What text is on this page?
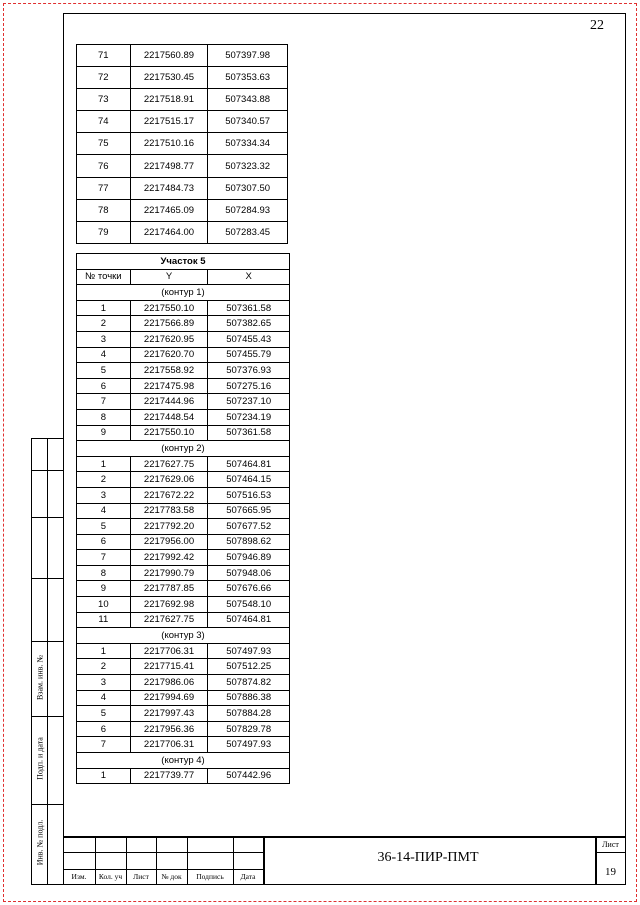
22
Взам. инв. №
Подп. и дата
Инв. № подл.
71	2217560.89	507397.98
72	2217530.45	507353.63
73	2217518.91	507343.88
74	2217515.17	507340.57
75	2217510.16	507334.34
76	2217498.77	507323.32
77	2217484.73	507307.50
78	2217465.09	507284.93
79	2217464.00	507283.45
Участок 5		
№ точки	Y	X
(контур 1)		
1	2217550.10	507361.58
2	2217566.89	507382.65
3	2217620.95	507455.43
4	2217620.70	507455.79
5	2217558.92	507376.93
6	2217475.98	507275.16
7	2217444.96	507237.10
8	2217448.54	507234.19
9	2217550.10	507361.58
(контур 2)		
1	2217627.75	507464.81
2	2217629.06	507464.15
3	2217672.22	507516.53
4	2217783.58	507665.95
5	2217792.20	507677.52
6	2217956.00	507898.62
7	2217992.42	507946.89
8	2217990.79	507948.06
9	2217787.85	507676.66
10	2217692.98	507548.10
11	2217627.75	507464.81
(контур 3)		
1	2217706.31	507497.93
2	2217715.41	507512.25
3	2217986.06	507874.82
4	2217994.69	507886.38
5	2217997.43	507884.28
6	2217956.36	507829.78
7	2217706.31	507497.93
(контур 4)		
1	2217739.77	507442.96
Изм.	Кол. уч	Лист	№ док	Подпись	Дата
36-14-ПИР-ПМТ
Лист
19
